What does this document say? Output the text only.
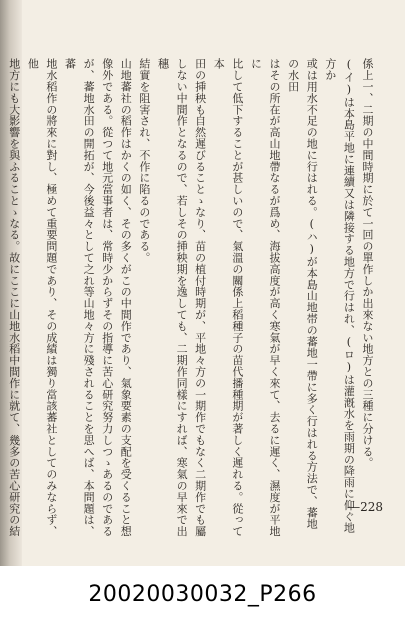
係上一、二期の中間時期に於て一回の單作しか出來ない地方との三種に分ける。
(イ)は本島平地に連續又は隣接する地方で行はれ、(ロ)は灌漑水を雨期の降雨に仰ぐ地方か
或は用水不足の地に行はれる。(ハ)が本島山地帯の蕃地一帶に多く行はれる方法で、蕃地の水田
はその所在が高山地帶なるが爲め、海拔高度が高く寒氣が早く來て、去るに遲く、濕度が平地に
比して低下することが甚しいので、氣溫の關係上稻種子の苗代播種期が著しく遲れる。從って本
田の挿秧も自然遲びることゝなり、苗の植付時期が、平地々方の一期作でもなく二期作でも屬
しない中間作となるので、若しその挿秧期を逸しても、二期作同樣にすれば、寒氣の早來で出穗
結實を阻害され、不作に陷るのである。
山地蕃社の稻作はかくの如く、その多くがこの中間作であり、氣象要素の支配を受くること想
像外である。從つて地元當事者は、常時少からずその指導に苦心研究努力しつゝあるのである
が、蕃地水田の開拓が、今後益々として之れ等山地々方に殘されることを思へば、本問題は、蕃
地水稻作の將來に對し、極めて重要問題であり、その成績は獨り當該蕃社としてのみならず、他
地方にも大影響を與ふることゝなる。故にここに山地水稻中間作に就て、幾多の苦心研究の結	—228
20020030032_P266
